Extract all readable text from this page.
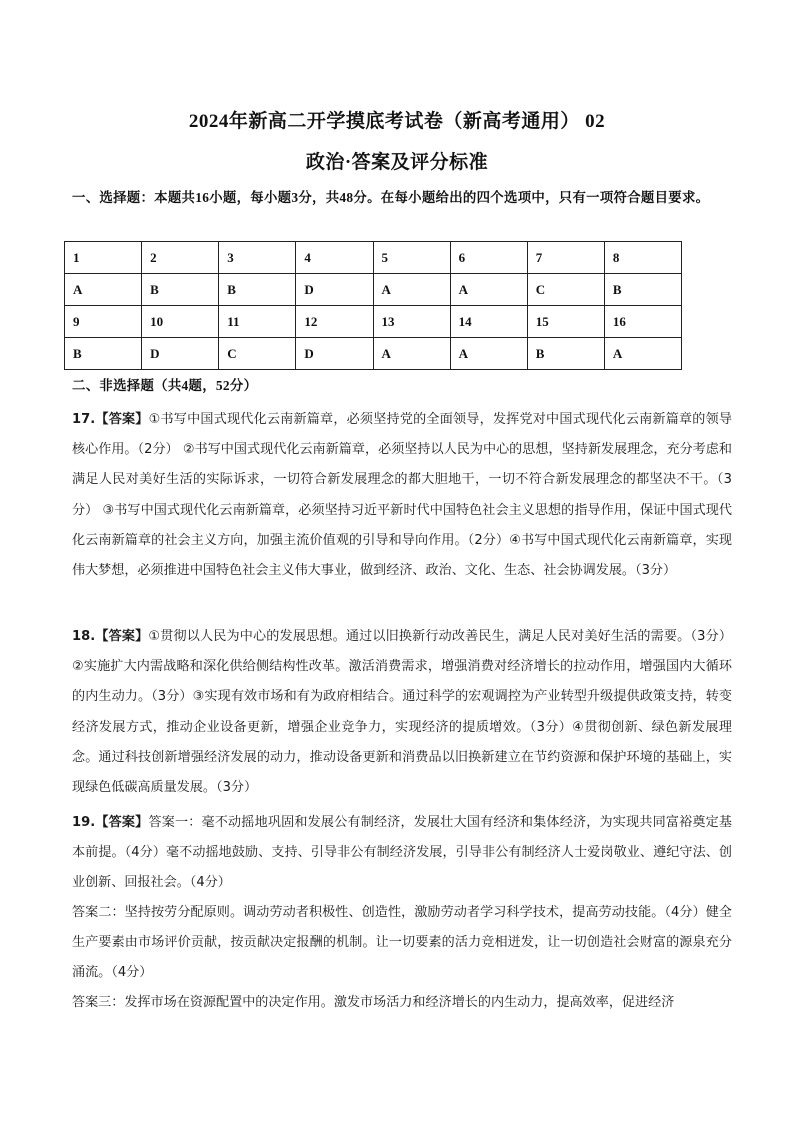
2024年新高二开学摸底考试卷（新高考通用） 02
政治·答案及评分标准
一、选择题：本题共16小题，每小题3分，共48分。在每小题给出的四个选项中，只有一项符合题目要求。
1	2	3	4	5	6	7	8
A	B	B	D	A	A	C	B
9	10	11	12	13	14	15	16
B	D	C	D	A	A	B	A
二、非选择题（共4题，52分）
17.【答案】①书写中国式现代化云南新篇章，必须坚持党的全面领导，发挥党对中国式现代化云南新篇章的领导核心作用。（2分） ②书写中国式现代化云南新篇章，必须坚持以人民为中心的思想，坚持新发展理念，充分考虑和满足人民对美好生活的实际诉求，一切符合新发展理念的都大胆地干，一切不符合新发展理念的都坚决不干。（3分） ③书写中国式现代化云南新篇章，必须坚持习近平新时代中国特色社会主义思想的指导作用，保证中国式现代化云南新篇章的社会主义方向，加强主流价值观的引导和导向作用。（2分）④书写中国式现代化云南新篇章，实现伟大梦想，必须推进中国特色社会主义伟大事业，做到经济、政治、文化、生态、社会协调发展。（3分）
18.【答案】①贯彻以人民为中心的发展思想。通过以旧换新行动改善民生，满足人民对美好生活的需要。（3分）②实施扩大内需战略和深化供给侧结构性改革。激活消费需求，增强消费对经济增长的拉动作用，增强国内大循环的内生动力。（3分）③实现有效市场和有为政府相结合。通过科学的宏观调控为产业转型升级提供政策支持，转变经济发展方式，推动企业设备更新，增强企业竞争力，实现经济的提质增效。（3分）④贯彻创新、绿色新发展理念。通过科技创新增强经济发展的动力，推动设备更新和消费品以旧换新建立在节约资源和保护环境的基础上，实现绿色低碳高质量发展。（3分）
19.【答案】答案一：毫不动摇地巩固和发展公有制经济，发展壮大国有经济和集体经济，为实现共同富裕奠定基本前提。（4分）毫不动摇地鼓励、支持、引导非公有制经济发展，引导非公有制经济人士爱岗敬业、遵纪守法、创业创新、回报社会。（4分）
答案二：坚持按劳分配原则。调动劳动者积极性、创造性，激励劳动者学习科学技术，提高劳动技能。（4分）健全生产要素由市场评价贡献，按贡献决定报酬的机制。让一切要素的活力竞相迸发，让一切创造社会财富的源泉充分涌流。（4分）
答案三：发挥市场在资源配置中的决定作用。激发市场活力和经济增长的内生动力，提高效率，促进经济
